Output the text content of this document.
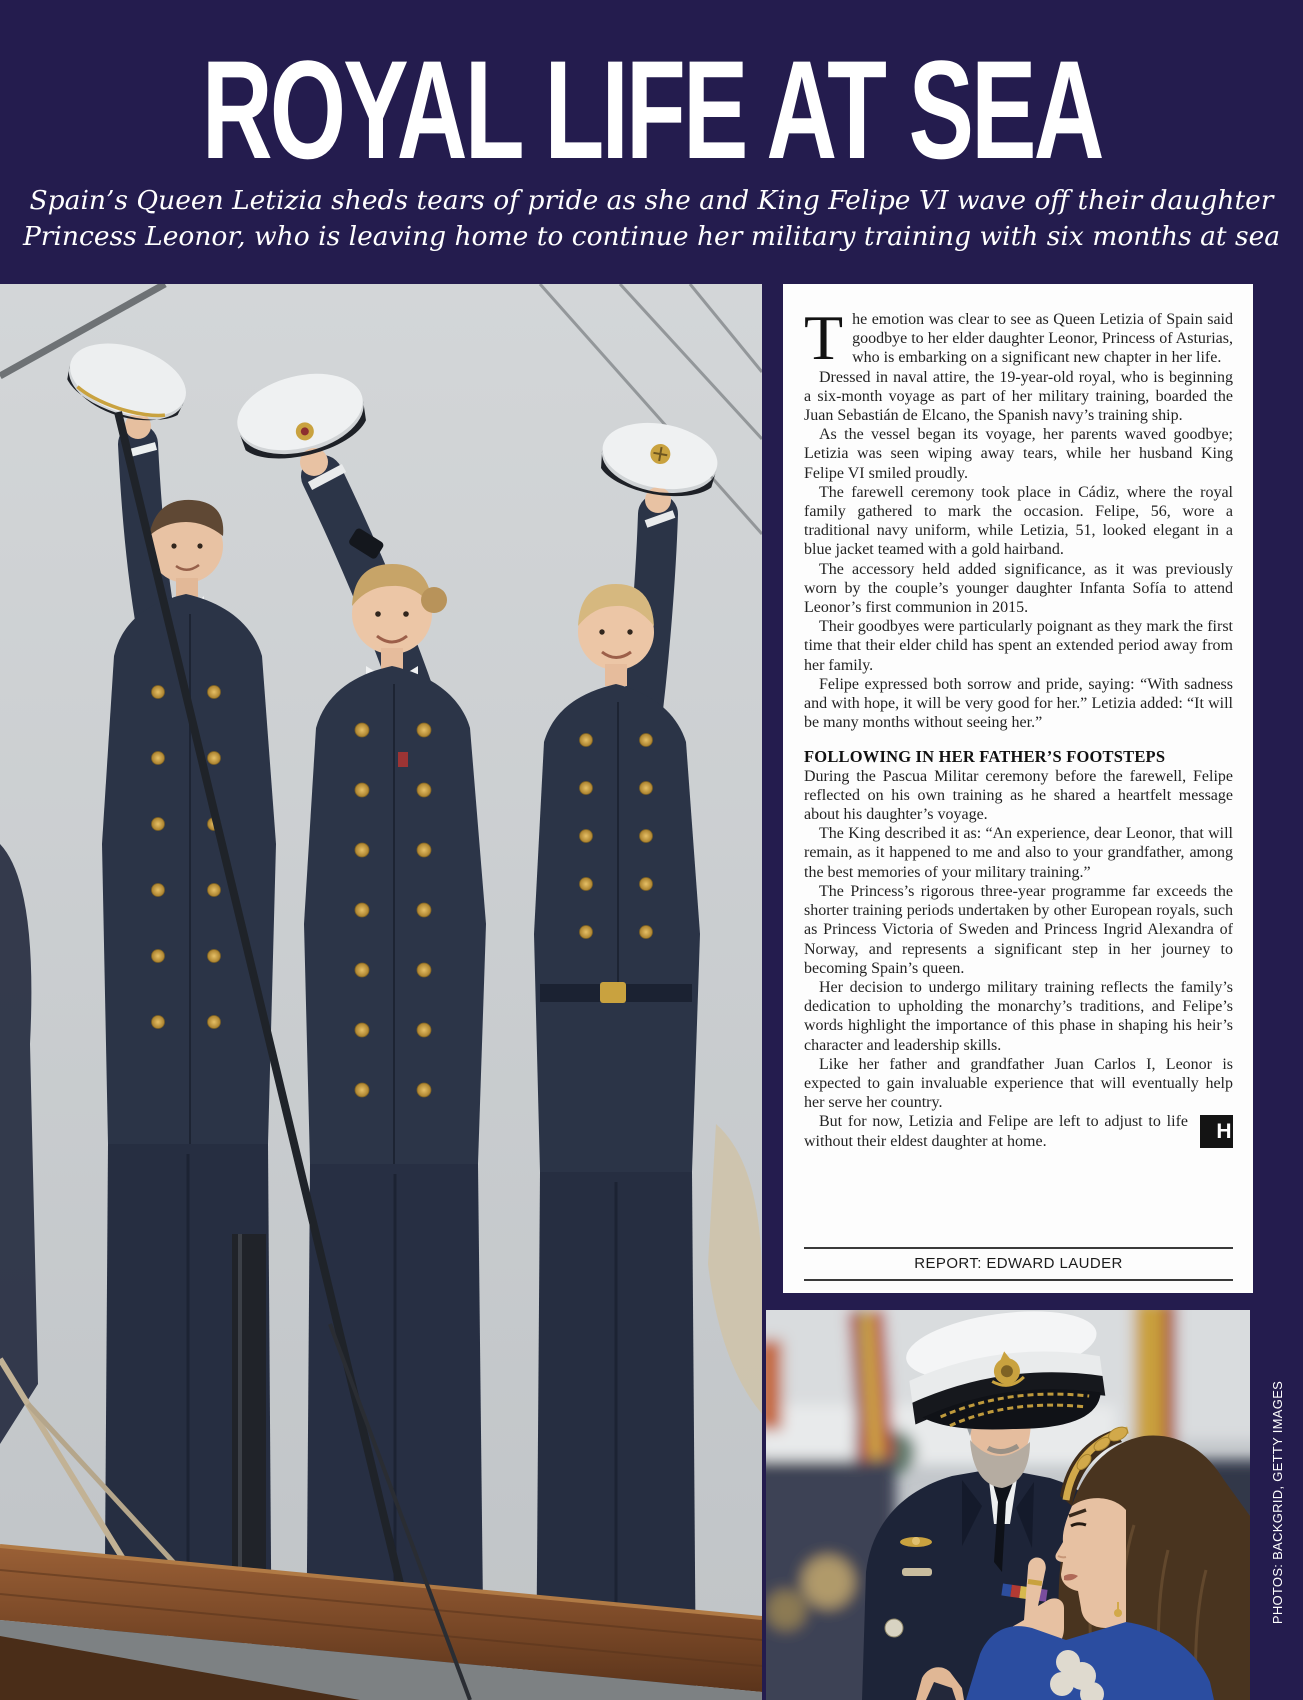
ROYAL LIFE AT SEA

Spain’s Queen Letizia sheds tears of pride as she and King Felipe VI wave off their daughter

Princess Leonor, who is leaving home to continue her military training with six months at sea

The emotion was clear to see as Queen Letizia of Spain said goodbye to her elder daughter Leonor, Princess of Asturias, who is embarking on a significant new chapter in her life.

Dressed in naval attire, the 19-year-old royal, who is beginning a six-month voyage as part of her military training, boarded the Juan Sebastián de Elcano, the Spanish navy’s training ship.

As the vessel began its voyage, her parents waved goodbye; Letizia was seen wiping away tears, while her husband King Felipe VI smiled proudly.

The farewell ceremony took place in Cádiz, where the royal family gathered to mark the occasion. Felipe, 56, wore a traditional navy uniform, while Letizia, 51, looked elegant in a blue jacket teamed with a gold hairband.

The accessory held added significance, as it was previously worn by the couple’s younger daughter Infanta Sofía to attend Leonor’s first communion in 2015.

Their goodbyes were particularly poignant as they mark the first time that their elder child has spent an extended period away from her family.

Felipe expressed both sorrow and pride, saying: “With sadness and with hope, it will be very good for her.” Letizia added: “It will be many months without seeing her.”

FOLLOWING IN HER FATHER’S FOOTSTEPS

During the Pascua Militar ceremony before the farewell, Felipe reflected on his own training as he shared a heartfelt message about his daughter’s voyage.

The King described it as: “An experience, dear Leonor, that will remain, as it happened to me and also to your grandfather, among the best memories of your military training.”

The Princess’s rigorous three-year programme far exceeds the shorter training periods undertaken by other European royals, such as Princess Victoria of Sweden and Princess Ingrid Alexandra of Norway, and represents a significant step in her journey to becoming Spain’s queen.

Her decision to undergo military training reflects the family’s dedication to upholding the monarchy’s traditions, and Felipe’s words highlight the importance of this phase in shaping his heir’s character and leadership skills.

Like her father and grandfather Juan Carlos I, Leonor is expected to gain invaluable experience that will eventually help her serve her country.

H
But for now, Letizia and Felipe are left to adjust to life without their eldest daughter at home.

REPORT: EDWARD LAUDER
PHOTOS: BACKGRID, GETTY IMAGES
